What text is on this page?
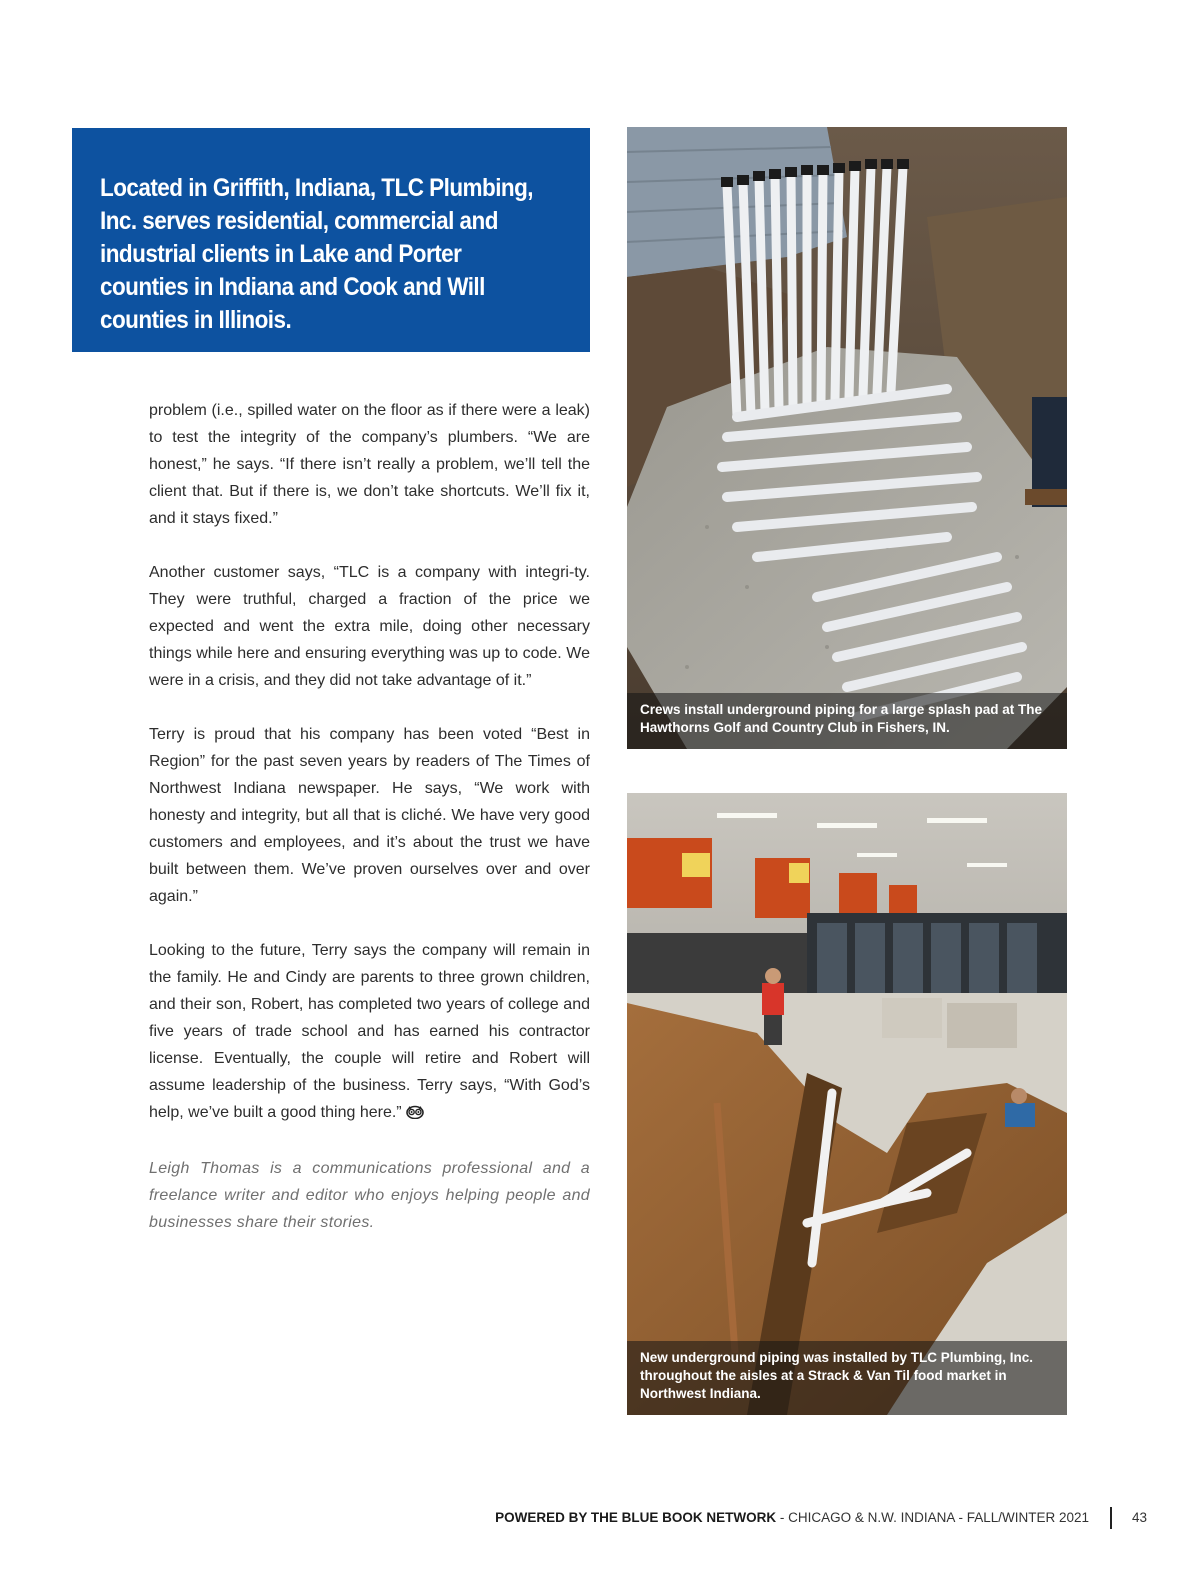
Located in Griffith, Indiana, TLC Plumbing, Inc. serves residential, commercial and industrial clients in Lake and Porter counties in Indiana and Cook and Will counties in Illinois.

problem (i.e., spilled water on the floor as if there were a leak) to test the integrity of the company’s plumbers. “We are honest,” he says. “If there isn’t really a problem, we’ll tell the client that. But if there is, we don’t take shortcuts. We’ll fix it, and it stays fixed.”

Another customer says, “TLC is a company with integri-ty. They were truthful, charged a fraction of the price we expected and went the extra mile, doing other necessary things while here and ensuring everything was up to code. We were in a crisis, and they did not take advantage of it.”

Terry is proud that his company has been voted “Best in Region” for the past seven years by readers of The Times of Northwest Indiana newspaper. He says, “We work with honesty and integrity, but all that is cliché. We have very good customers and employees, and it’s about the trust we have built between them. We’ve proven ourselves over and over again.”

Looking to the future, Terry says the company will remain in the family. He and Cindy are parents to three grown children, and their son, Robert, has completed two years of college and five years of trade school and has earned his contractor license. Eventually, the couple will retire and Robert will assume leadership of the business. Terry says, “With God’s help, we’ve built a good thing here.”

Leigh Thomas is a communications professional and a freelance writer and editor who enjoys helping people and businesses share their stories.

Crews install underground piping for a large splash pad at The Hawthorns Golf and Country Club in Fishers, IN.
New underground piping was installed by TLC Plumbing, Inc. throughout the aisles at a Strack & Van Til food market in Northwest Indiana.
POWERED BY THE BLUE BOOK NETWORK - CHICAGO & N.W. INDIANA - FALL/WINTER 2021	43
